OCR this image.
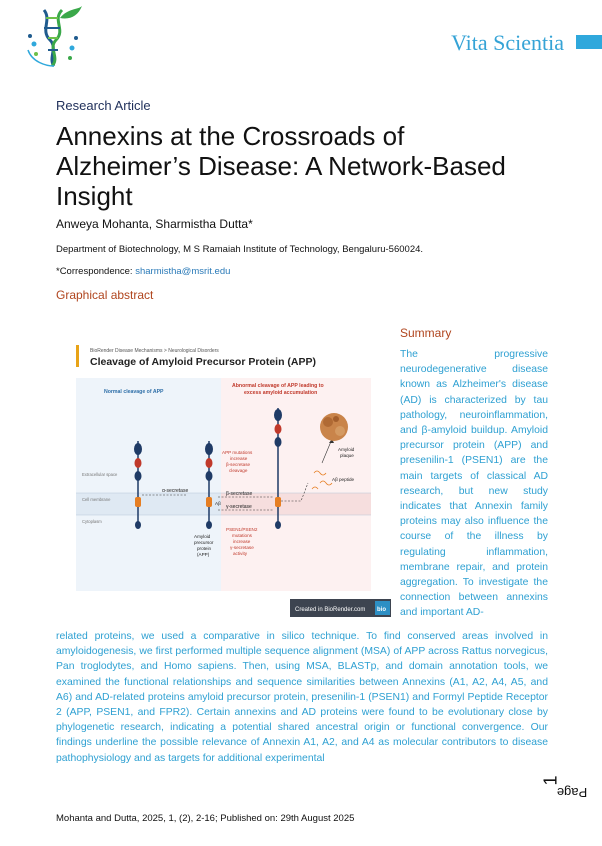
Vita Scientia
Research Article
Annexins at the Crossroads of Alzheimer’s Disease: A Network-Based Insight
Anweya Mohanta, Sharmistha Dutta*
Department of Biotechnology, M S Ramaiah Institute of Technology, Bengaluru-560024.
*Correspondence: sharmistha@msrit.edu
Graphical abstract
BioRender Disease Mechanisms > Neurological Disorders
Cleavage of Amyloid Precursor Protein (APP)
Normal cleavage of APP
Abnormal cleavage of APP leading to
excess amyloid accumulation
Extracellular space
Cell membrane
Cytoplasm
α-secretase
Aβ
Amyloid
precursor
protein
(APP)
APP mutations
increase
β-secretase
cleavage
β-secretase
γ-secretase
PSEN1/PSEN2
mutations
increase
γ-secretase
activity
Aβ peptide
Amyloid
plaque
Created in BioRender.com bio
Summary

The progressive neurodegenerative disease known as Alzheimer's disease (AD) is characterized by tau pathology, neuroinflammation, and β-amyloid buildup. Amyloid precursor protein (APP) and presenilin-1 (PSEN1) are the main targets of classical AD research, but new study indicates that Annexin family proteins may also influence the course of the illness by regulating inflammation, membrane repair, and protein aggregation. To investigate the connection between annexins and important AD-

related proteins, we used a comparative in silico technique. To find conserved areas involved in amyloidogenesis, we first performed multiple sequence alignment (MSA) of APP across Rattus norvegicus, Pan troglodytes, and Homo sapiens. Then, using MSA, BLASTp, and domain annotation tools, we examined the functional relationships and sequence similarities between Annexins (A1, A2, A4, A5, and A6) and AD-related proteins amyloid precursor protein, presenilin-1 (PSEN1) and Formyl Peptide Receptor 2 (APP, PSEN1, and FPR2). Certain annexins and AD proteins were found to be evolutionary close by phylogenetic research, indicating a potential shared ancestral origin or functional convergence. Our findings underline the possible relevance of Annexin A1, A2, and A4 as molecular contributors to disease pathophysiology and as targets for additional experimental

Page
1
Mohanta and Dutta, 2025, 1, (2), 2-16; Published on: 29th August 2025
